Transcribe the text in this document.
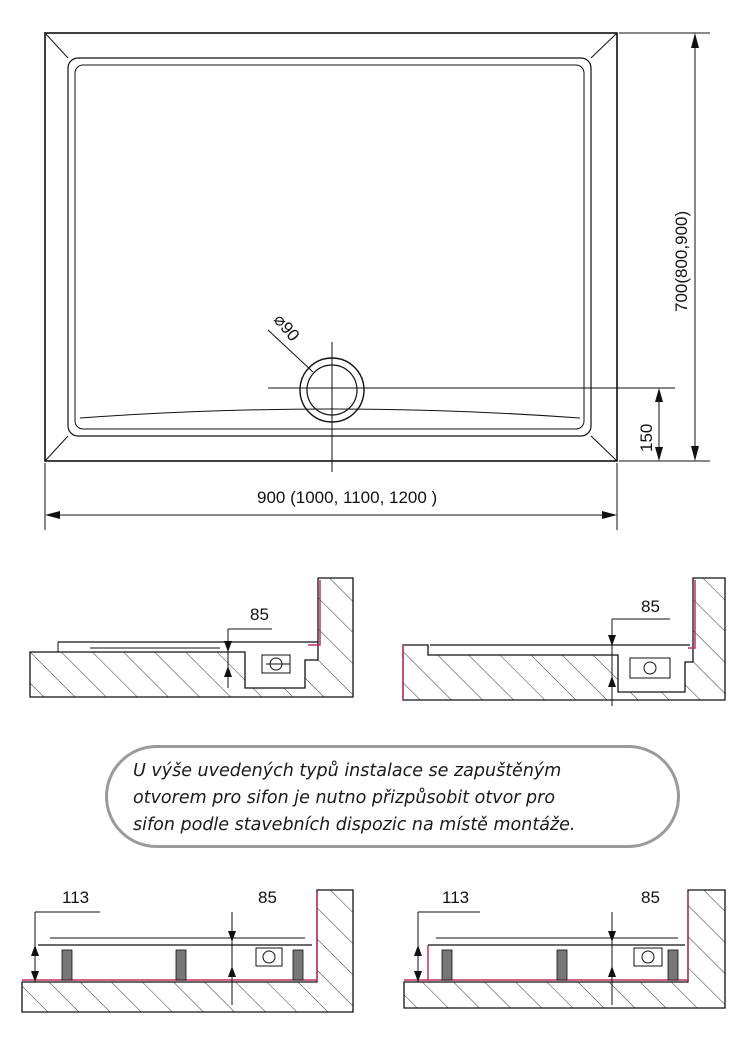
⌀90
900 (1000, 1100, 1200 )
700(800,900)
150
85	85
113	85	113	85
U výše uvedených typů instalace se zapuštěným
otvorem pro sifon je nutno přizpůsobit otvor pro
sifon podle stavebních dispozic na místě montáže.
